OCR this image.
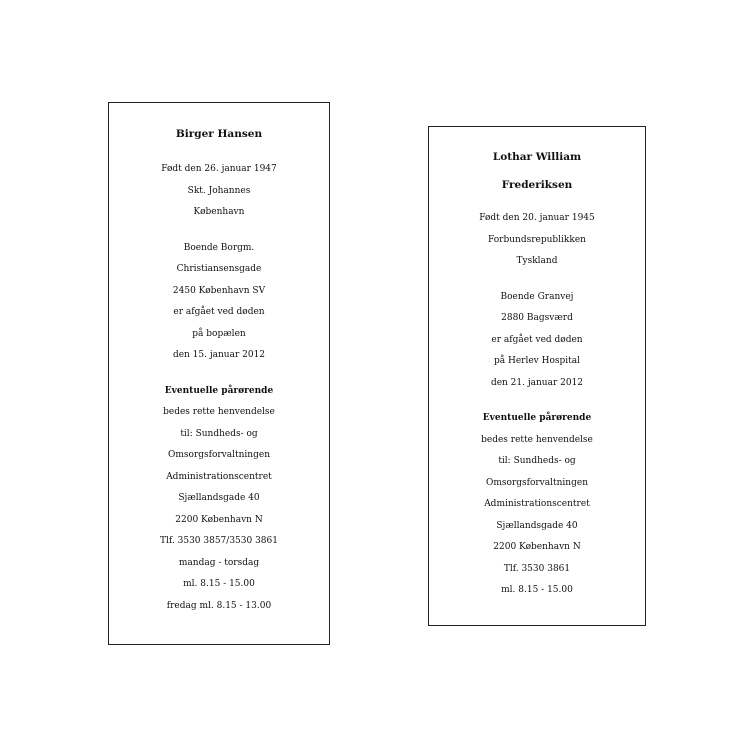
Birger Hansen
Født den 26. januar 1947
Skt. Johannes
København
Boende Borgm.
Christiansensgade
2450 København SV
er afgået ved døden
på bopælen
den 15. januar 2012
Eventuelle pårørende
bedes rette henvendelse
til: Sundheds- og
Omsorgsforvaltningen
Administrationscentret
Sjællandsgade 40
2200 København N
Tlf. 3530 3857/3530 3861
mandag - torsdag
ml. 8.15 - 15.00
fredag ml. 8.15 - 13.00
Lothar William
Frederiksen
Født den 20. januar 1945
Forbundsrepublikken
Tyskland
Boende Granvej
2880 Bagsværd
er afgået ved døden
på Herlev Hospital
den 21. januar 2012
Eventuelle pårørende
bedes rette henvendelse
til: Sundheds- og
Omsorgsforvaltningen
Administrationscentret
Sjællandsgade 40
2200 København N
Tlf. 3530 3861
ml. 8.15 - 15.00
